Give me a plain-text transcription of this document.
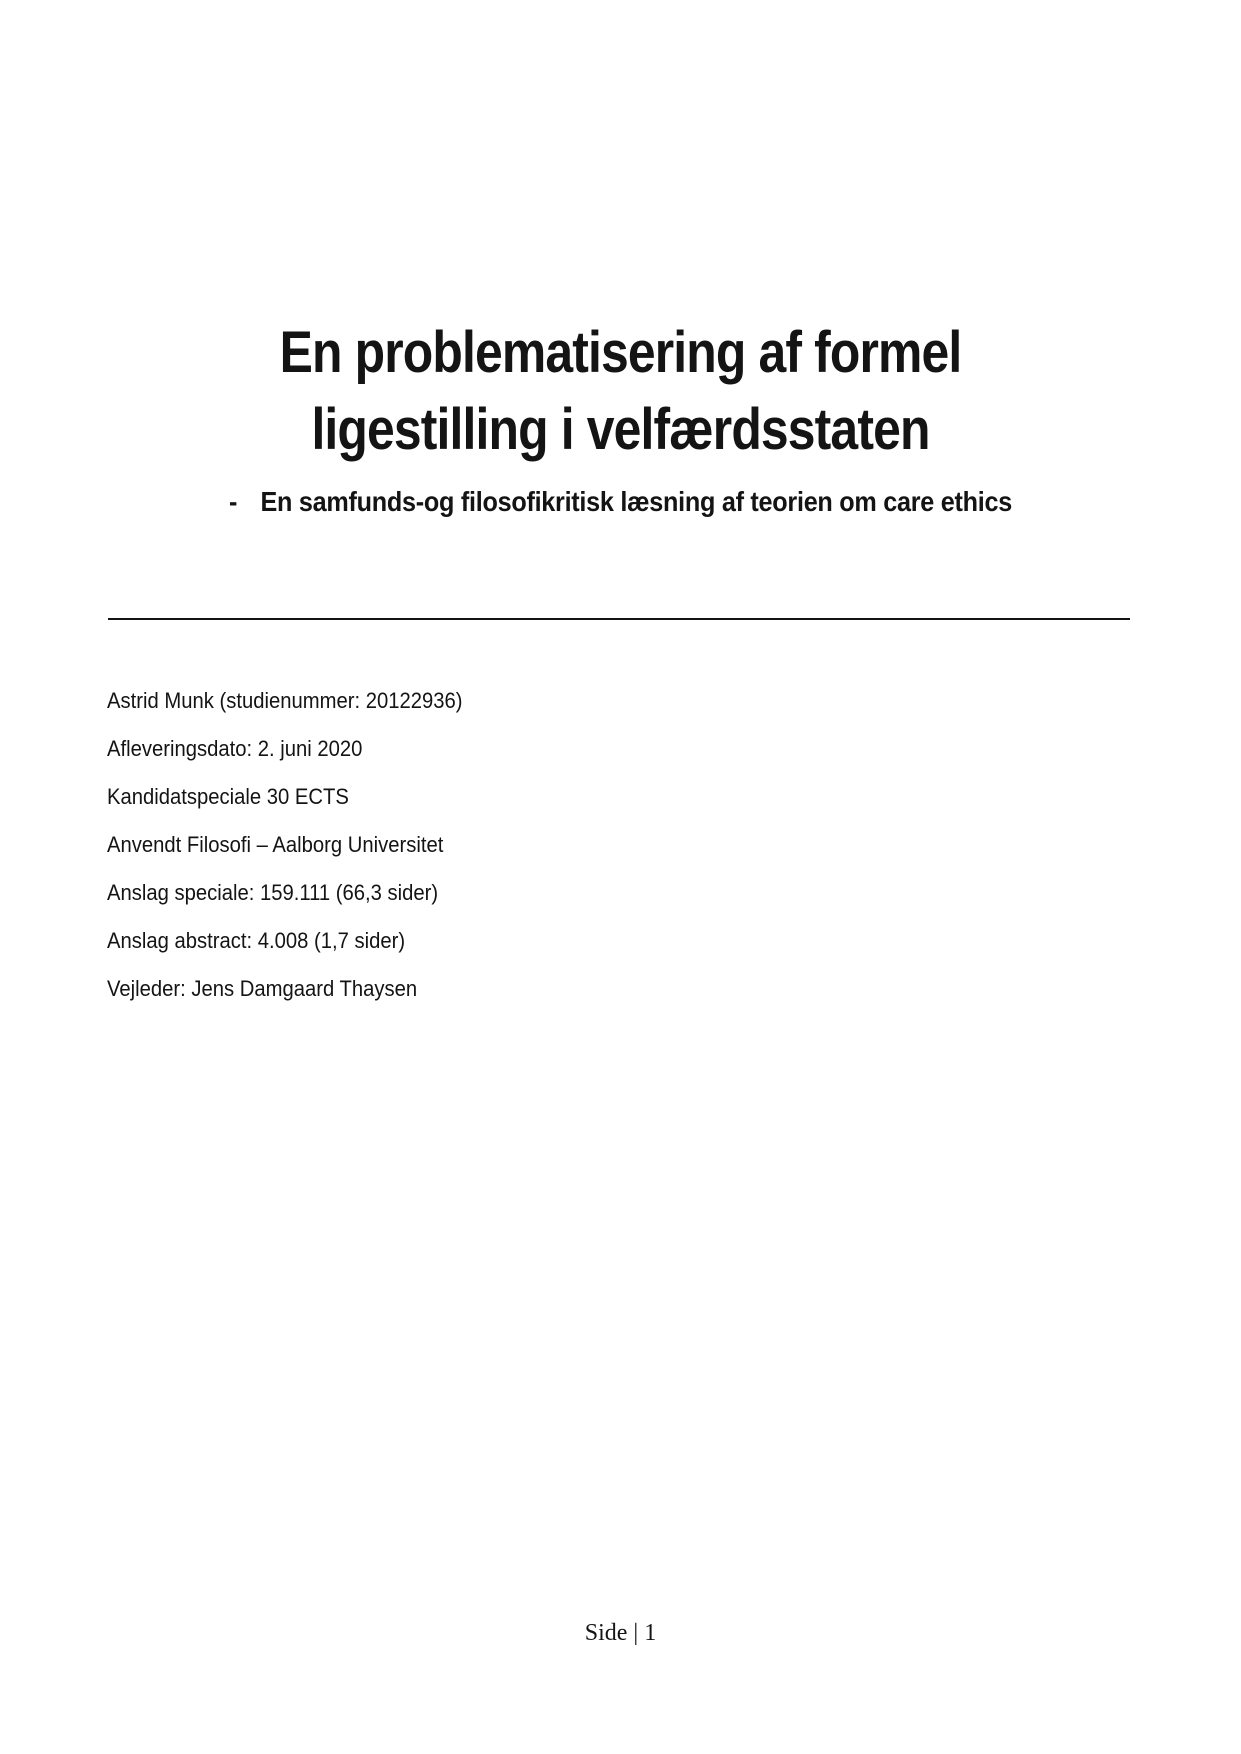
En problematisering af formel
ligestilling i velfærdsstaten
- En samfunds-og filosofikritisk læsning af teorien om care ethics

Astrid Munk (studienummer: 20122936)

Afleveringsdato: 2. juni 2020

Kandidatspeciale 30 ECTS

Anvendt Filosofi – Aalborg Universitet

Anslag speciale: 159.111 (66,3 sider)

Anslag abstract: 4.008 (1,7 sider)

Vejleder: Jens Damgaard Thaysen

Side | 1
